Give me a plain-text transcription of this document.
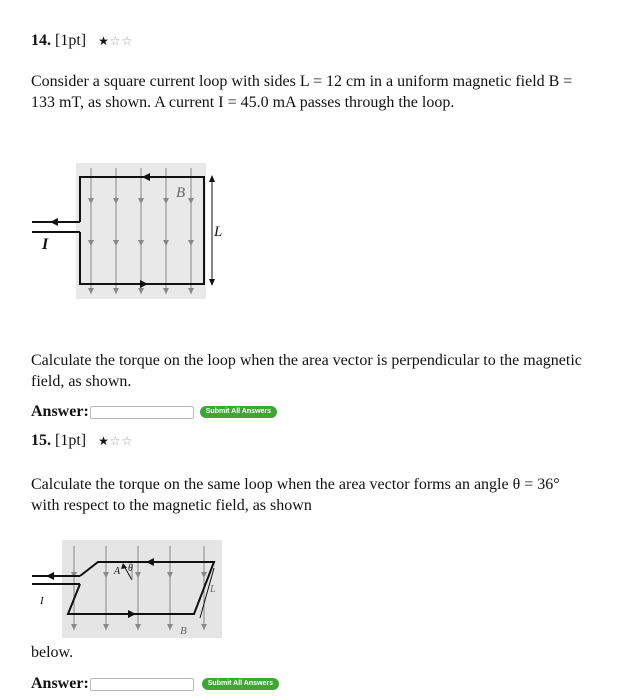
14. [1pt] ★☆☆
Consider a square current loop with sides L = 12 cm in a uniform magnetic field B =
133 mT, as shown. A current I = 45.0 mA passes through the loop.
B
L
I
Calculate the torque on the loop when the area vector is perpendicular to the magnetic
field, as shown.
Answer:	Submit All Answers
15. [1pt] ★☆☆
Calculate the torque on the same loop when the area vector forms an angle θ = 36°
with respect to the magnetic field, as shown
A θ
L
I
B
below.
Answer:	Submit All Answers
